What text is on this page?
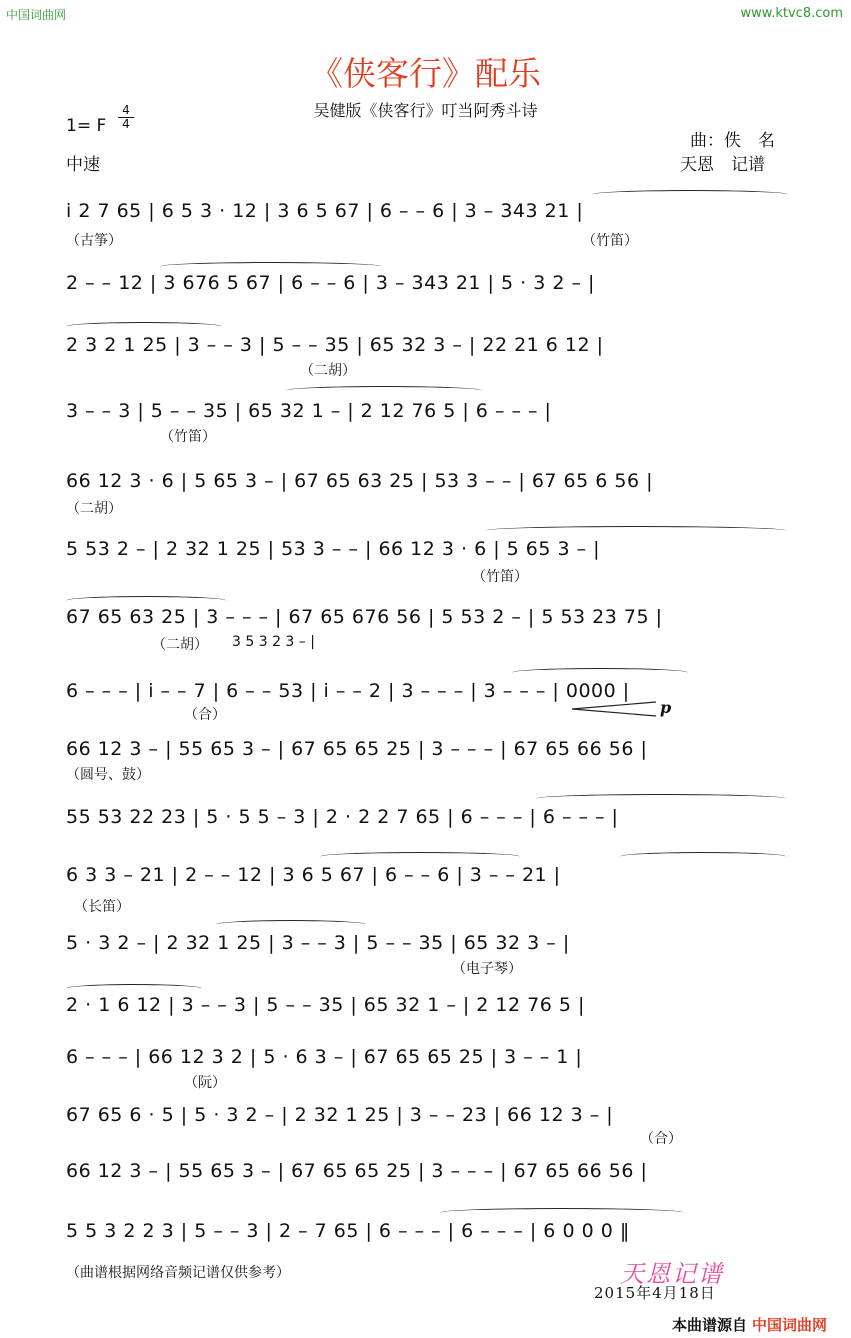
中国词曲网	www.ktvc8.com
《侠客行》配乐
吴健版《侠客行》叮当阿秀斗诗
1= F
4
4
中速
曲：佚　名
天恩　记谱
i 2 7 65 | 6 5 3 · 12 | 3 6 5 67 | 6 – – 6 | 3 – 343 21 |
（古筝）	（竹笛）
2 – – 12 | 3 676 5 67 | 6 – – 6 | 3 – 343 21 | 5 · 3 2 – |
2 3 2 1 25 | 3 – – 3 | 5 – – 35 | 65 32 3 – | 22 21 6 12 |
（二胡）
3 – – 3 | 5 – – 35 | 65 32 1 – | 2 12 76 5 | 6 – – – |
（竹笛）
66 12 3 · 6 | 5 65 3 – | 67 65 63 25 | 53 3 – – | 67 65 6 56 |
（二胡）
5 53 2 – | 2 32 1 25 | 53 3 – – | 66 12 3 · 6 | 5 65 3 – |
（竹笛）
67 65 63 25 | 3 – – – | 67 65 676 56 | 5 53 2 – | 5 53 23 75 |
（二胡） 3 5 3 2 3 – |
6 – – – | i – – 7 | 6 – – 53 | i – – 2 | 3 – – – | 3 – – – | 0000 |
（合）	p
66 12 3 – | 55 65 3 – | 67 65 65 25 | 3 – – – | 67 65 66 56 |
（圆号、鼓）
55 53 22 23 | 5 · 5 5 – 3 | 2 · 2 2 7 65 | 6 – – – | 6 – – – |
6 3 3 – 21 | 2 – – 12 | 3 6 5 67 | 6 – – 6 | 3 – – 21 |
（长笛）
5 · 3 2 – | 2 32 1 25 | 3 – – 3 | 5 – – 35 | 65 32 3 – |
（电子琴）
2 · 1 6 12 | 3 – – 3 | 5 – – 35 | 65 32 1 – | 2 12 76 5 |
6 – – – | 66 12 3 2 | 5 · 6 3 – | 67 65 65 25 | 3 – – 1 |
（阮）
67 65 6 · 5 | 5 · 3 2 – | 2 32 1 25 | 3 – – 23 | 66 12 3 – |
（合）
66 12 3 – | 55 65 3 – | 67 65 65 25 | 3 – – – | 67 65 66 56 |
5 5 3 2 2 3 | 5 – – 3 | 2 – 7 65 | 6 – – – | 6 – – – | 6 0 0 0 ‖
（曲谱根据网络音频记谱仅供参考）	天恩记谱
2015年4月18日
本曲谱源自 中国词曲网
